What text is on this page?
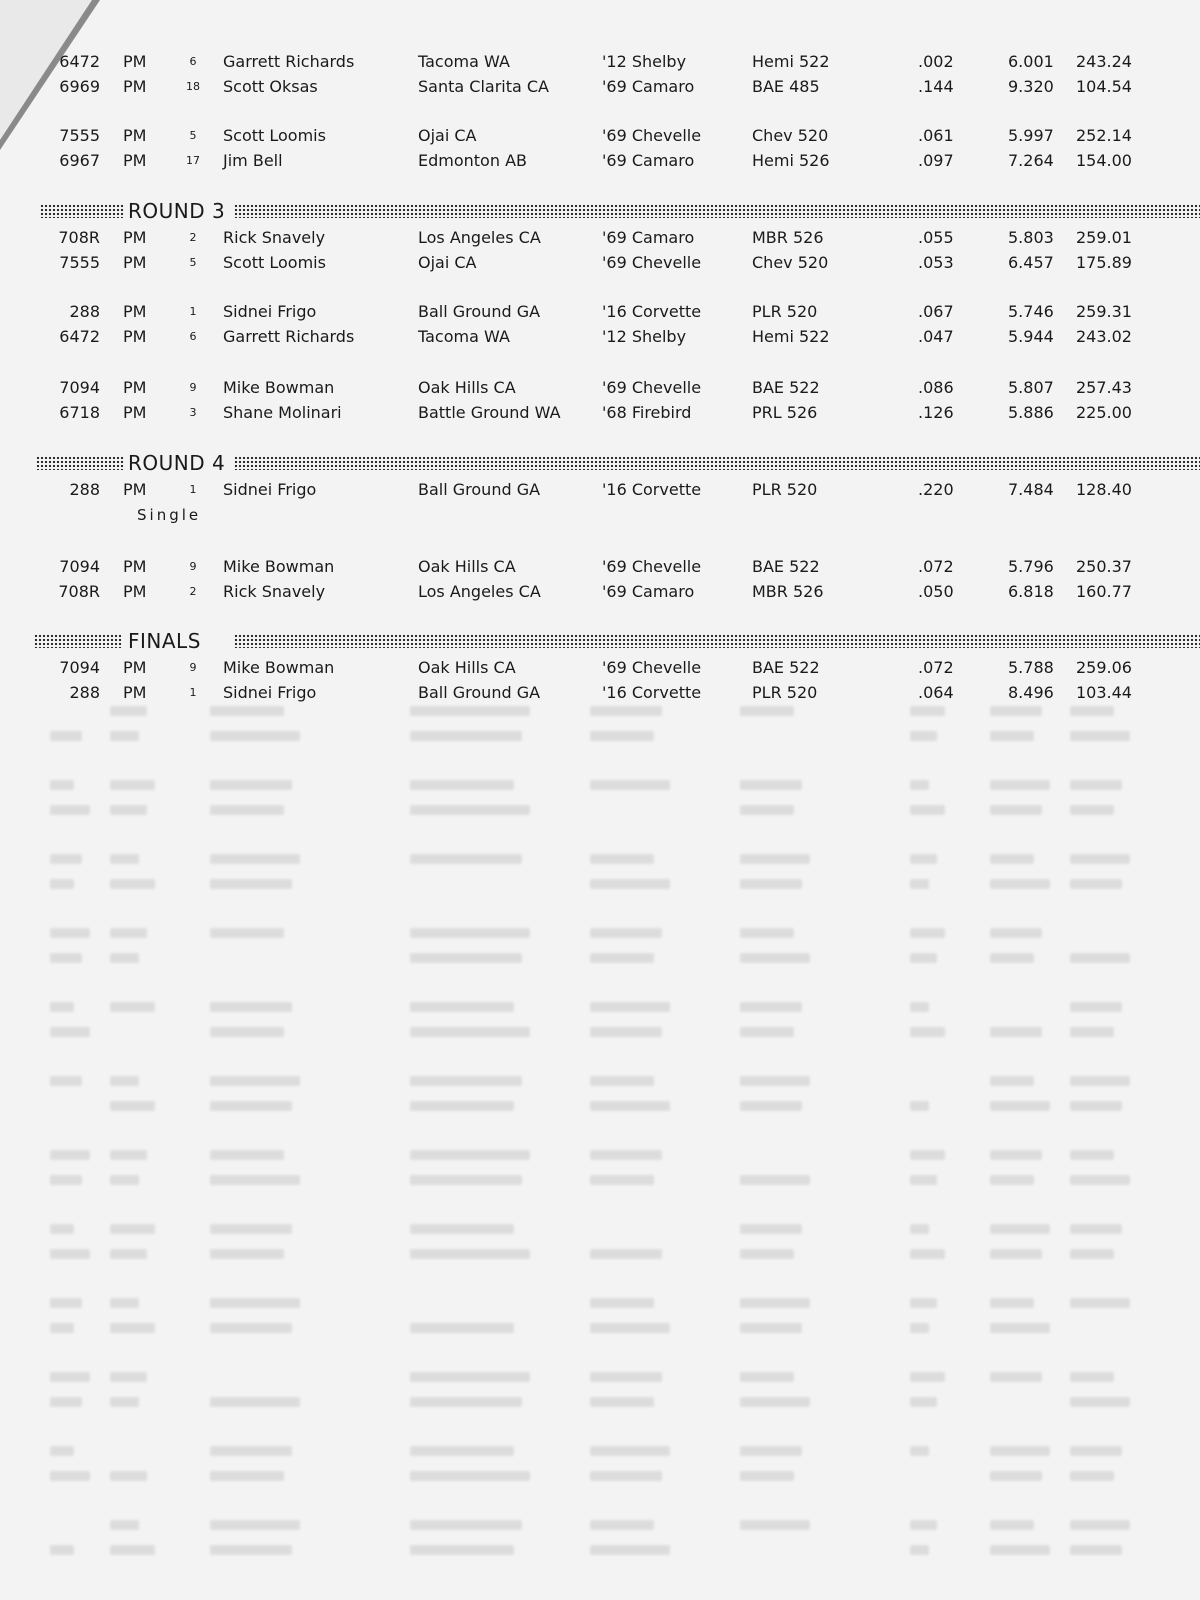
6472 PM	6 Garrett Richards	Tacoma WA	'12 Shelby	Hemi 522	.002	6.001 243.24
6969 PM	18 Scott Oksas	Santa Clarita CA	'69 Camaro	BAE 485	.144	9.320 104.54
7555 PM	5 Scott Loomis	Ojai CA	'69 Chevelle	Chev 520	.061	5.997 252.14
6967 PM	17 Jim Bell	Edmonton AB	'69 Camaro	Hemi 526	.097	7.264 154.00
ROUND 3
708R PM	2 Rick Snavely	Los Angeles CA	'69 Camaro	MBR 526	.055	5.803 259.01
7555 PM	5 Scott Loomis	Ojai CA	'69 Chevelle	Chev 520	.053	6.457 175.89
288 PM	1 Sidnei Frigo	Ball Ground GA	'16 Corvette	PLR 520	.067	5.746 259.31
6472 PM	6 Garrett Richards	Tacoma WA	'12 Shelby	Hemi 522	.047	5.944 243.02
7094 PM	9 Mike Bowman	Oak Hills CA	'69 Chevelle	BAE 522	.086	5.807 257.43
6718 PM	3 Shane Molinari	Battle Ground WA	'68 Firebird	PRL 526	.126	5.886 225.00
ROUND 4
288 PM	1 Sidnei Frigo	Ball Ground GA	'16 Corvette	PLR 520	.220	7.484 128.40
Single
7094 PM	9 Mike Bowman	Oak Hills CA	'69 Chevelle	BAE 522	.072	5.796 250.37
708R PM	2 Rick Snavely	Los Angeles CA	'69 Camaro	MBR 526	.050	6.818 160.77
FINALS
7094 PM	9 Mike Bowman	Oak Hills CA	'69 Chevelle	BAE 522	.072	5.788 259.06
288 PM	1 Sidnei Frigo	Ball Ground GA	'16 Corvette	PLR 520	.064	8.496 103.44
